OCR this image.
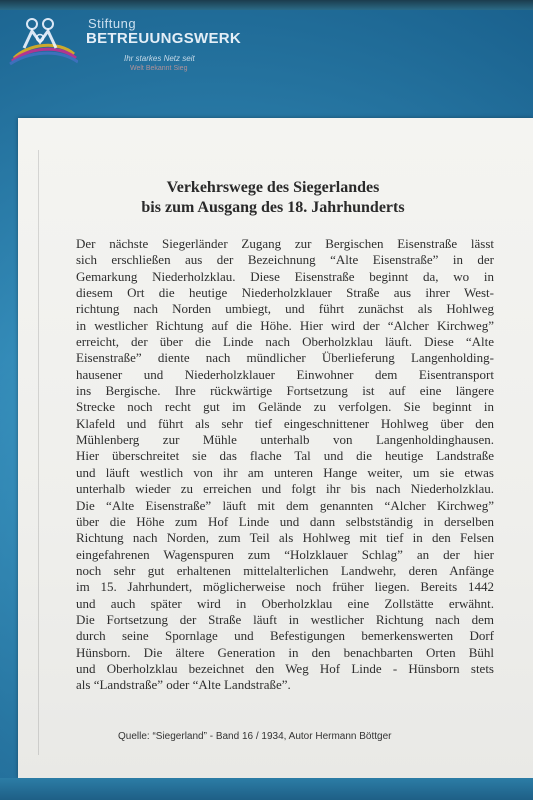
Stiftung
BETREUUNGSWERK
Ihr starkes Netz seit
Welt Bekannt Sieg
Verkehrswege des Siegerlandes
bis zum Ausgang des 18. Jahrhunderts
Der nächste Siegerländer Zugang zur Bergischen Eisenstraße lässt
sich erschließen aus der Bezeichnung “Alte Eisenstraße” in der
Gemarkung Niederholzklau. Diese Eisenstraße beginnt da, wo in
diesem Ort die heutige Niederholzklauer Straße aus ihrer West-
richtung nach Norden umbiegt, und führt zunächst als Hohlweg
in westlicher Richtung auf die Höhe. Hier wird der “Alcher Kirchweg”
erreicht, der über die Linde nach Oberholzklau läuft. Diese “Alte
Eisenstraße” diente nach mündlicher Überlieferung Langenholding-
hausener und Niederholzklauer Einwohner dem Eisentransport
ins Bergische. Ihre rückwärtige Fortsetzung ist auf eine längere
Strecke noch recht gut im Gelände zu verfolgen. Sie beginnt in
Klafeld und führt als sehr tief eingeschnittener Hohlweg über den
Mühlenberg zur Mühle unterhalb von Langenholdinghausen.
Hier überschreitet sie das flache Tal und die heutige Landstraße
und läuft westlich von ihr am unteren Hange weiter, um sie etwas
unterhalb wieder zu erreichen und folgt ihr bis nach Niederholzklau.
Die “Alte Eisenstraße” läuft mit dem genannten “Alcher Kirchweg”
über die Höhe zum Hof Linde und dann selbstständig in derselben
Richtung nach Norden, zum Teil als Hohlweg mit tief in den Felsen
eingefahrenen Wagenspuren zum “Holzklauer Schlag” an der hier
noch sehr gut erhaltenen mittelalterlichen Landwehr, deren Anfänge
im 15. Jahrhundert, möglicherweise noch früher liegen. Bereits 1442
und auch später wird in Oberholzklau eine Zollstätte erwähnt.
Die Fortsetzung der Straße läuft in westlicher Richtung nach dem
durch seine Spornlage und Befestigungen bemerkenswerten Dorf
Hünsborn. Die ältere Generation in den benachbarten Orten Bühl
und Oberholzklau bezeichnet den Weg Hof Linde - Hünsborn stets
als “Landstraße” oder “Alte Landstraße”.
Quelle: “Siegerland” - Band 16 / 1934, Autor Hermann Böttger
